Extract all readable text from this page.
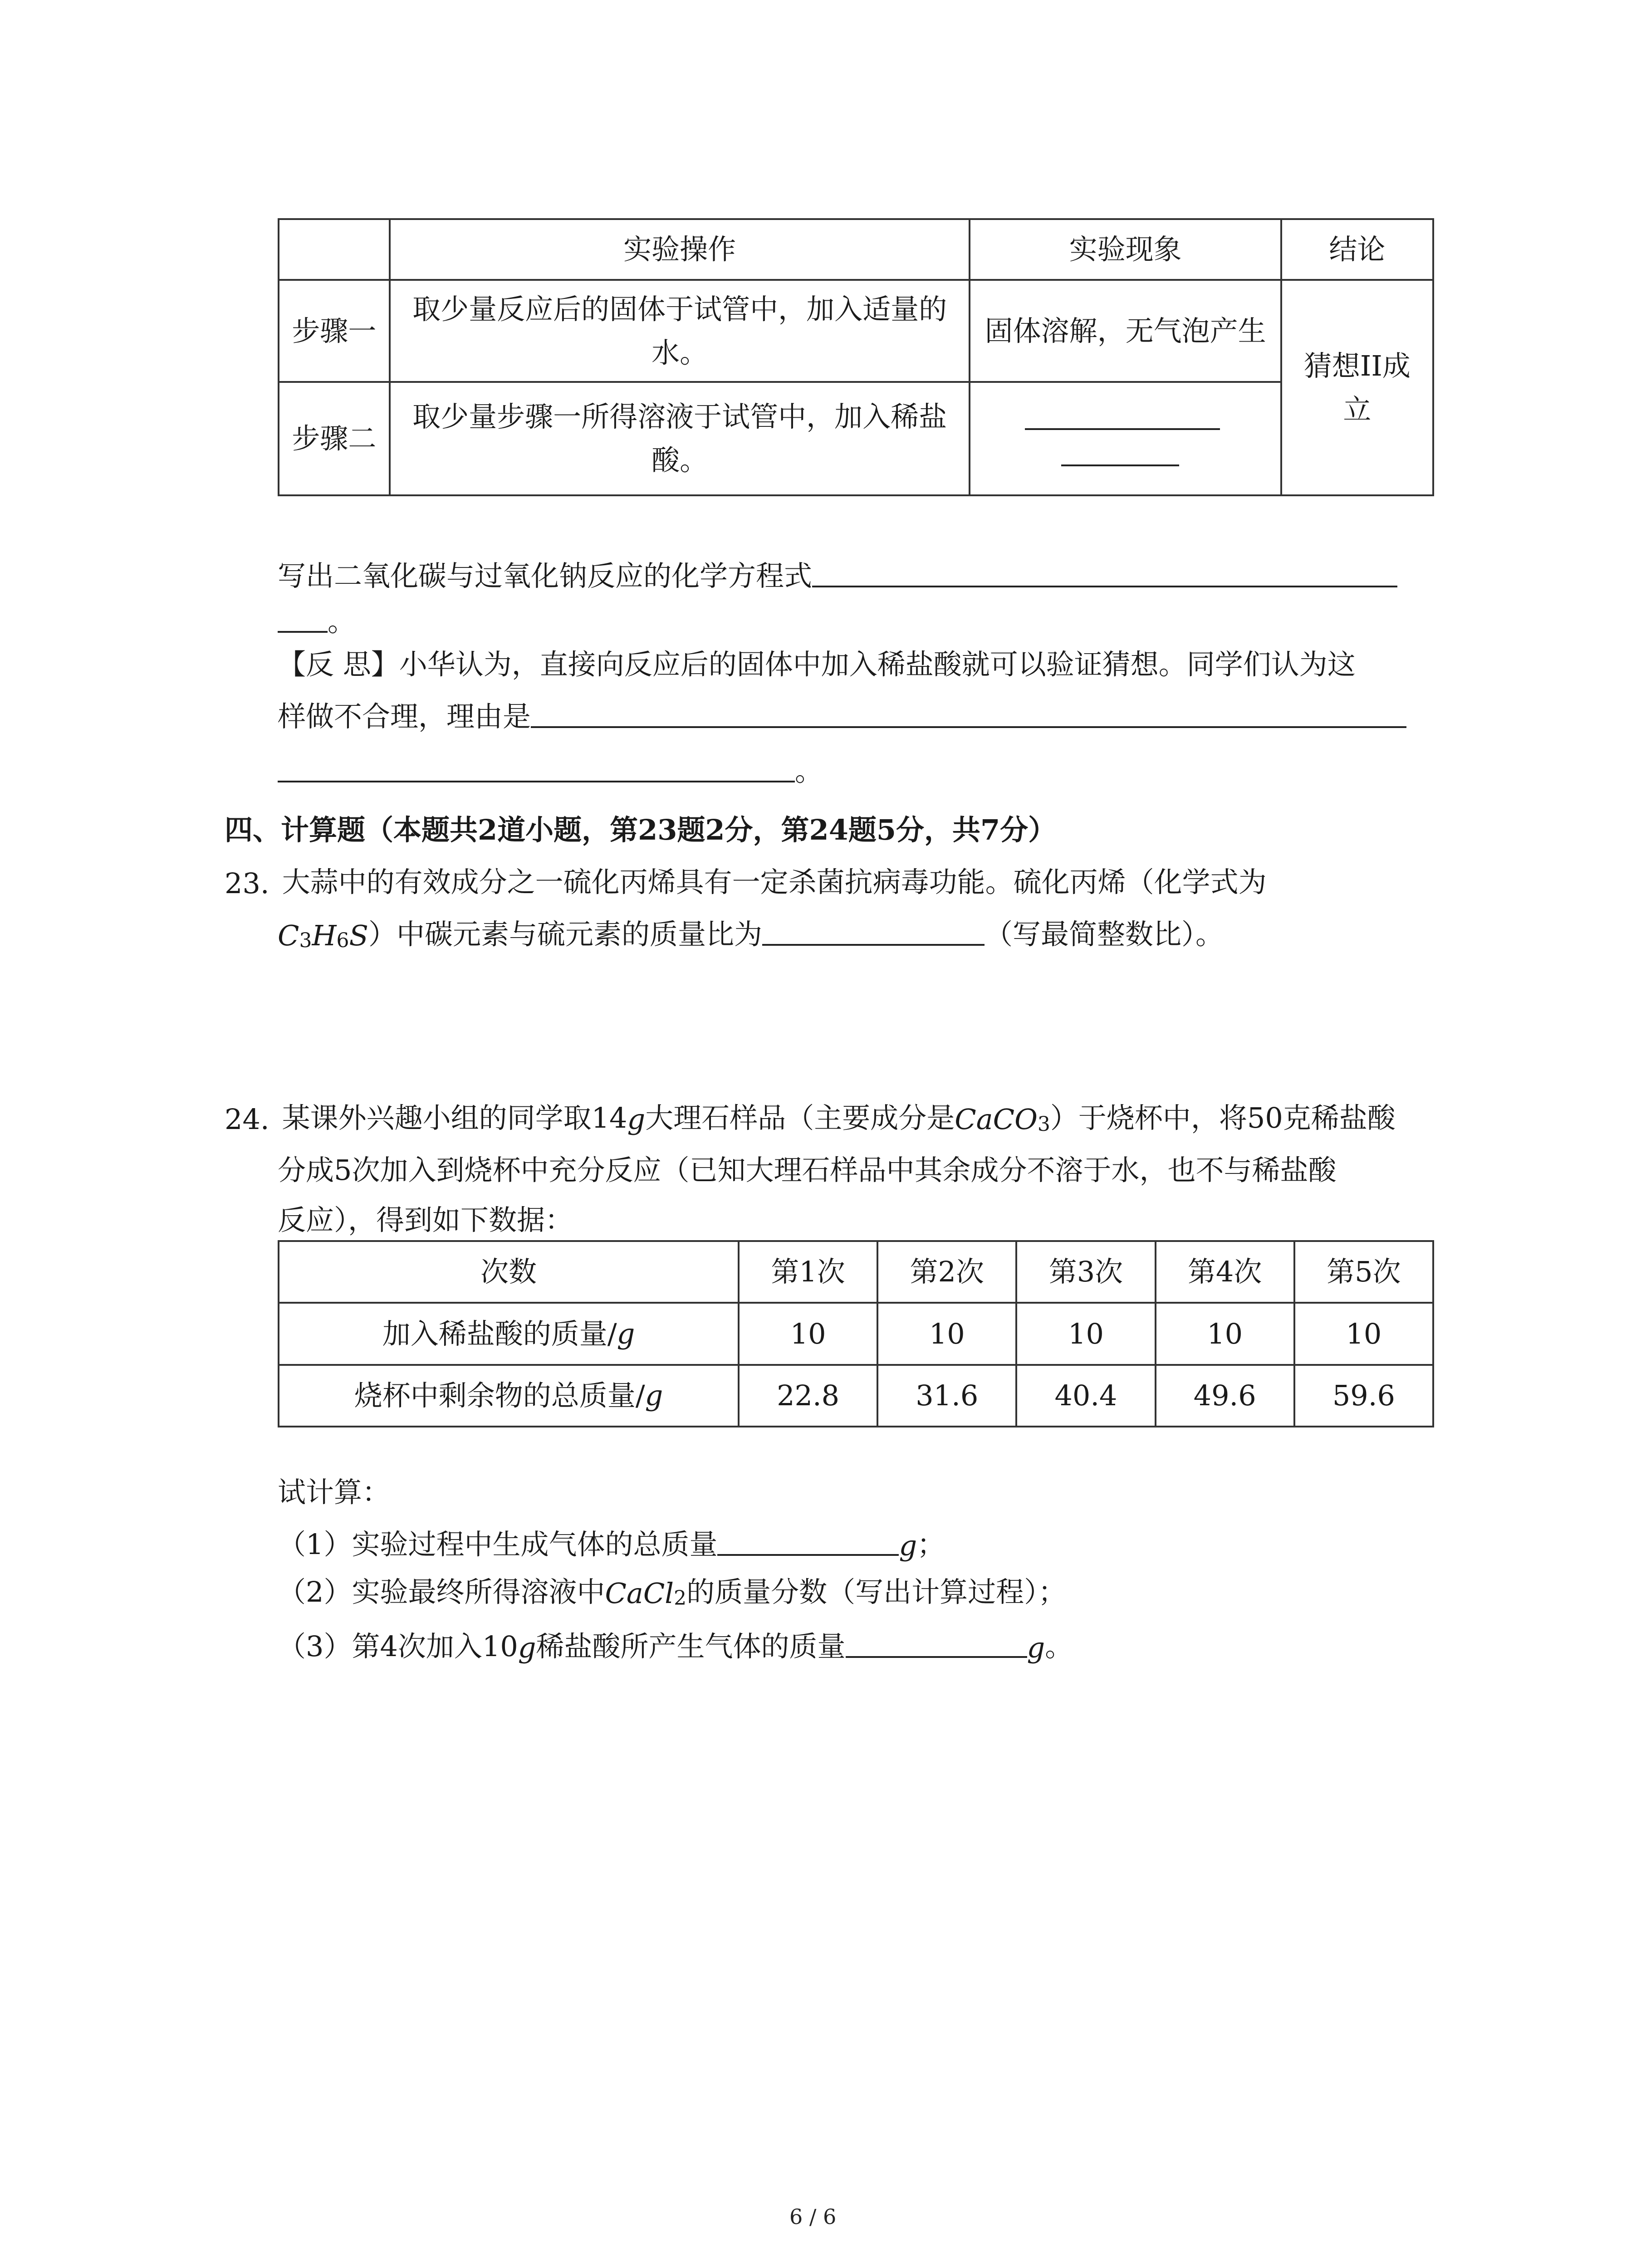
	实验操作	实验现象	结论
步骤一	取少量反应后的固体于试管中，加入适量的水。	固体溶解，无气泡产生	猜想II成立
步骤二	取少量步骤一所得溶液于试管中，加入稀盐酸。		
写出二氧化碳与过氧化钠反应的化学方程式
。
【反 思】 小华认为，直接向反应后的固体中加入稀盐酸就可以验证猜想。同学们认为这
样做不合理，理由是
。
四、计算题（本题共2道小题，第23题2分，第24题5分，共7分）
23. 大蒜中的有效成分之一硫化丙烯具有一定杀菌抗病毒功能。硫化丙烯（化学式为
C 3 H 6 S ）中碳元素与硫元素的质量比为	（写最简整数比）。
24. 某课外兴趣小组的同学取14 g 大理石样品（主要成分是 CaCO 3 ）于烧杯中，将50克稀盐酸
分成5次加入到烧杯中充分反应（已知大理石样品中其余成分不溶于水，也不与稀盐酸
反应），得到如下数据：
次数	第1次	第2次	第3次	第4次	第5次
加入稀盐酸的质量/g	10	10	10	10	10
烧杯中剩余物的总质量/g	22.8	31.6	40.4	49.6	59.6
试计算：
（1）实验过程中生成气体的总质量	g ；
（2）实验最终所得溶液中 CaCl 2 的质量分数（写出计算过程）；
（3）第4次加入10 g 稀盐酸所产生气体的质量	g 。
6 / 6
